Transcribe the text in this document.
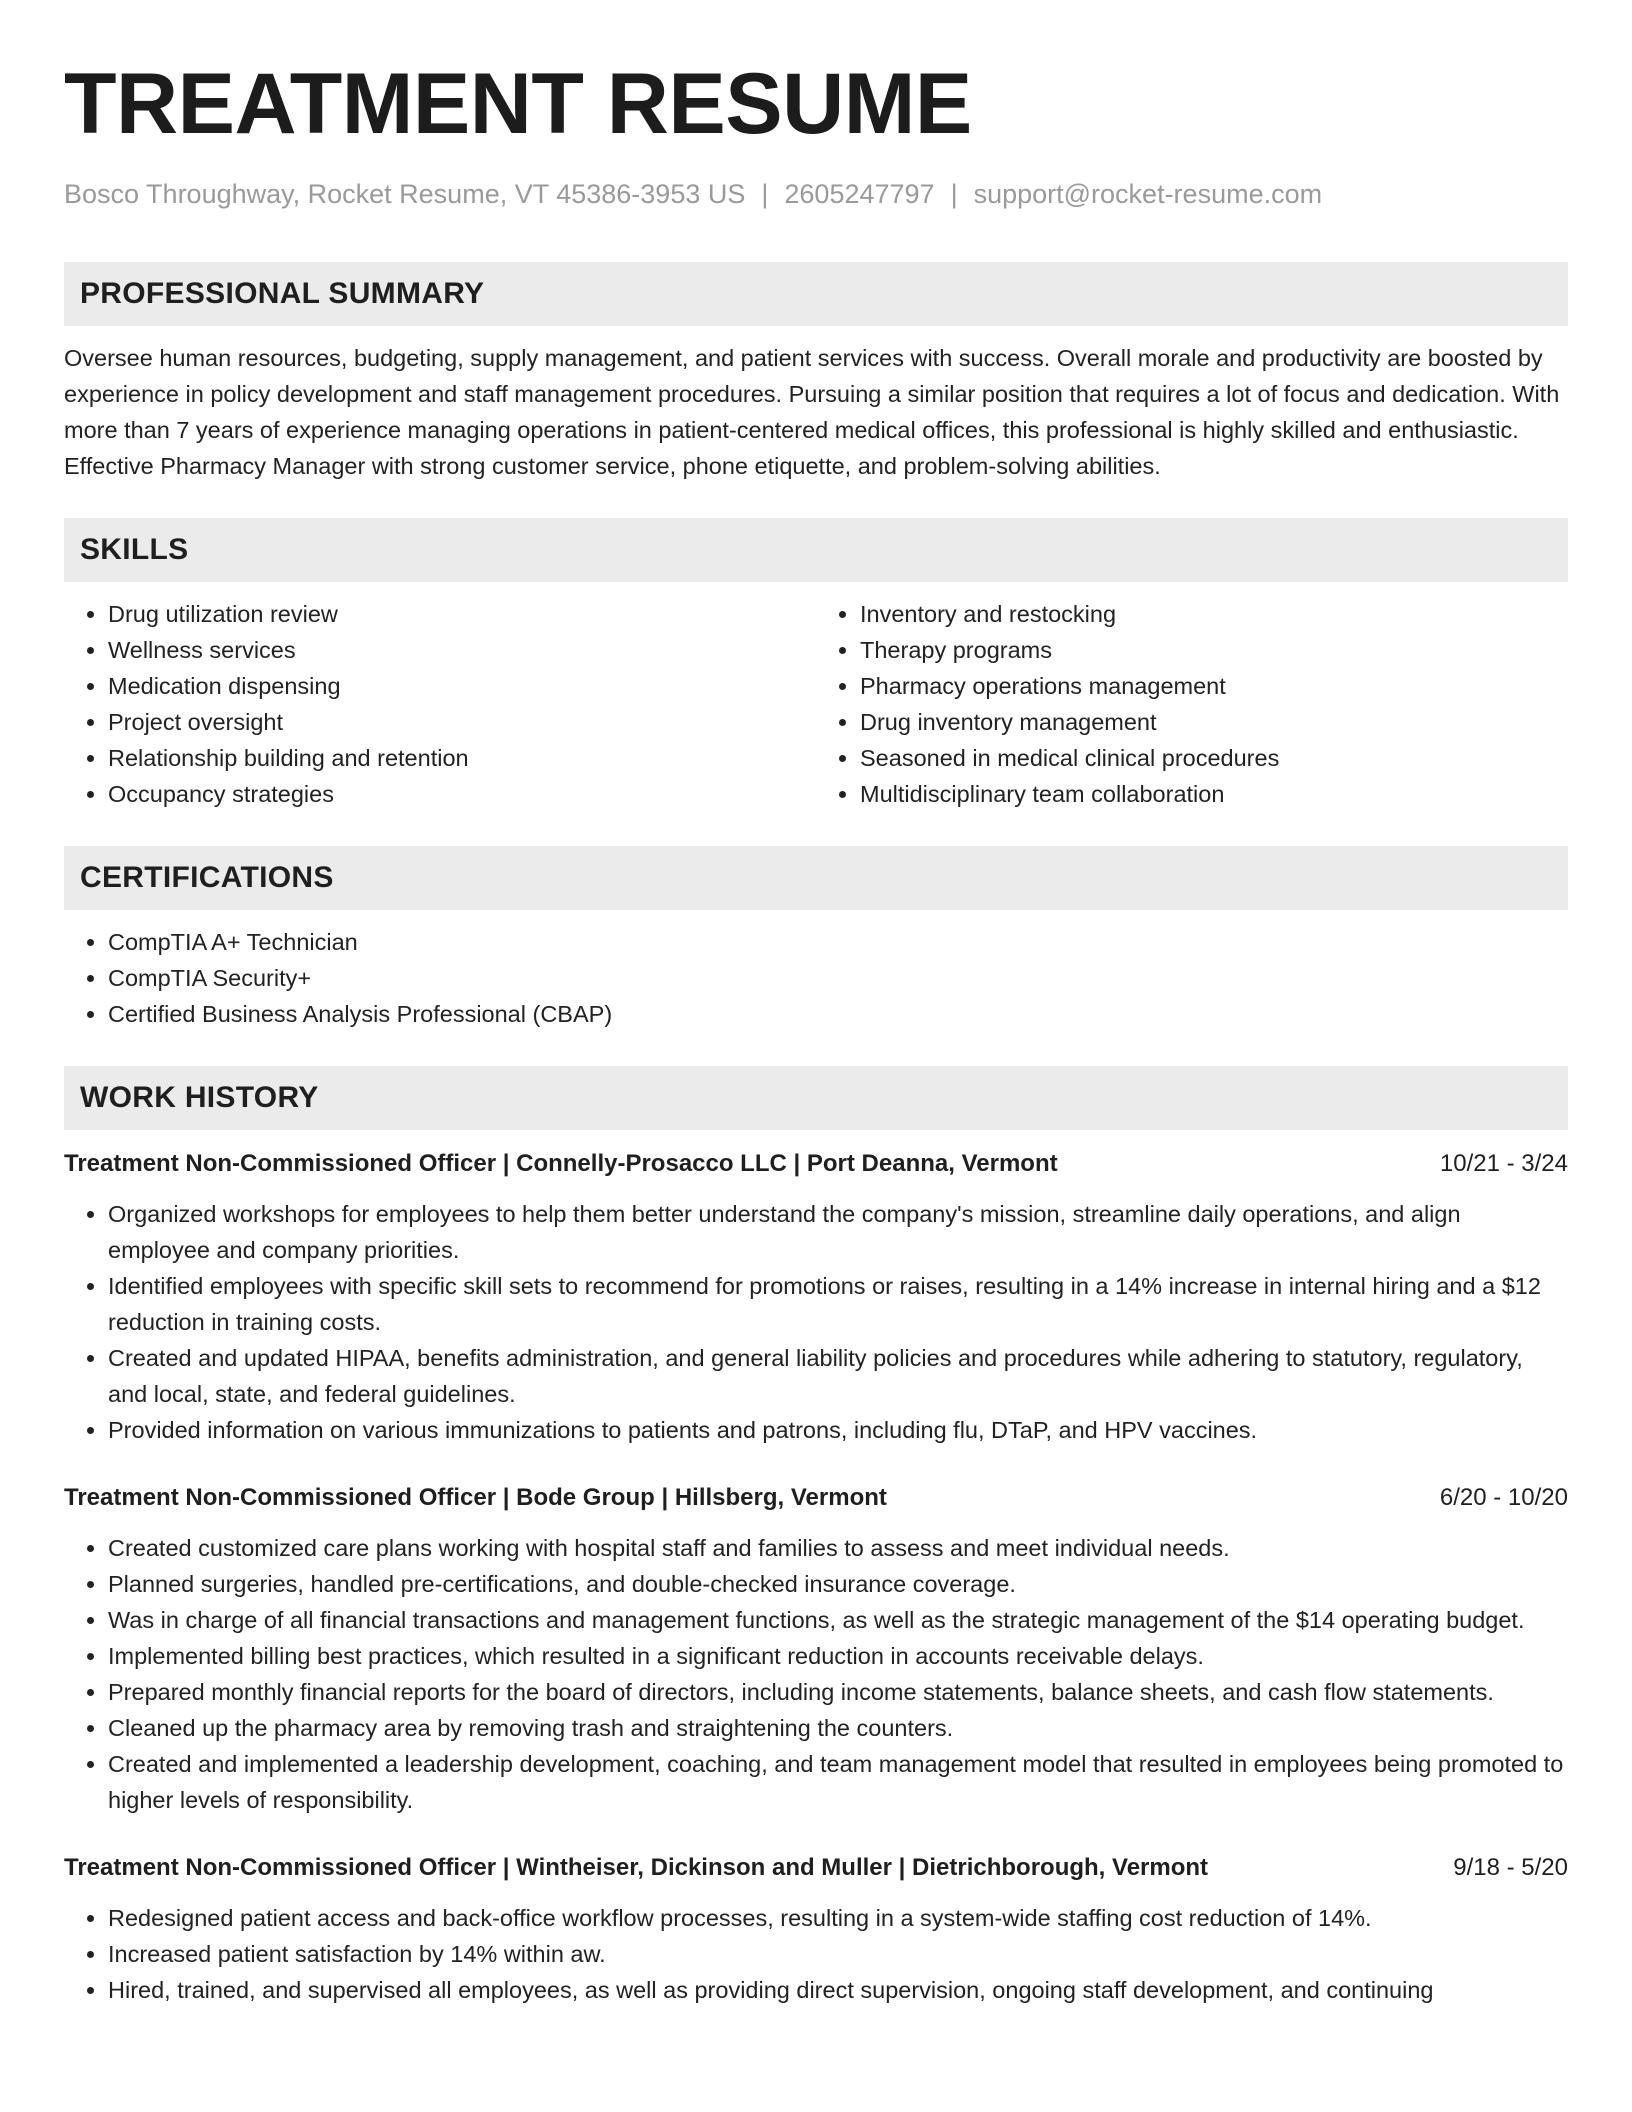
TREATMENT RESUME
Bosco Throughway, Rocket Resume, VT 45386-3953 US | 2605247797 | support@rocket-resume.com
PROFESSIONAL SUMMARY

Oversee human resources, budgeting, supply management, and patient services with success. Overall morale and productivity are boosted by experience in policy development and staff management procedures. Pursuing a similar position that requires a lot of focus and dedication. With more than 7 years of experience managing operations in patient-centered medical offices, this professional is highly skilled and enthusiastic. Effective Pharmacy Manager with strong customer service, phone etiquette, and problem-solving abilities.

SKILLS
• Drug utilization review
• Wellness services
• Medication dispensing
• Project oversight
• Relationship building and retention
• Occupancy strategies
• Inventory and restocking
• Therapy programs
• Pharmacy operations management
• Drug inventory management
• Seasoned in medical clinical procedures
• Multidisciplinary team collaboration
CERTIFICATIONS
• CompTIA A+ Technician
• CompTIA Security+
• Certified Business Analysis Professional (CBAP)
WORK HISTORY
Treatment Non-Commissioned Officer | Connelly-Prosacco LLC | Port Deanna, Vermont	10/21 - 3/24
• Organized workshops for employees to help them better understand the company's mission, streamline daily operations, and align employee and company priorities.
• Identified employees with specific skill sets to recommend for promotions or raises, resulting in a 14% increase in internal hiring and a $12 reduction in training costs.
• Created and updated HIPAA, benefits administration, and general liability policies and procedures while adhering to statutory, regulatory, and local, state, and federal guidelines.
• Provided information on various immunizations to patients and patrons, including flu, DTaP, and HPV vaccines.
Treatment Non-Commissioned Officer | Bode Group | Hillsberg, Vermont	6/20 - 10/20
• Created customized care plans working with hospital staff and families to assess and meet individual needs.
• Planned surgeries, handled pre-certifications, and double-checked insurance coverage.
• Was in charge of all financial transactions and management functions, as well as the strategic management of the $14 operating budget.
• Implemented billing best practices, which resulted in a significant reduction in accounts receivable delays.
• Prepared monthly financial reports for the board of directors, including income statements, balance sheets, and cash flow statements.
• Cleaned up the pharmacy area by removing trash and straightening the counters.
• Created and implemented a leadership development, coaching, and team management model that resulted in employees being promoted to higher levels of responsibility.
Treatment Non-Commissioned Officer | Wintheiser, Dickinson and Muller | Dietrichborough, Vermont	9/18 - 5/20
• Redesigned patient access and back-office workflow processes, resulting in a system-wide staffing cost reduction of 14%.
• Increased patient satisfaction by 14% within aw.
• Hired, trained, and supervised all employees, as well as providing direct supervision, ongoing staff development, and continuing
